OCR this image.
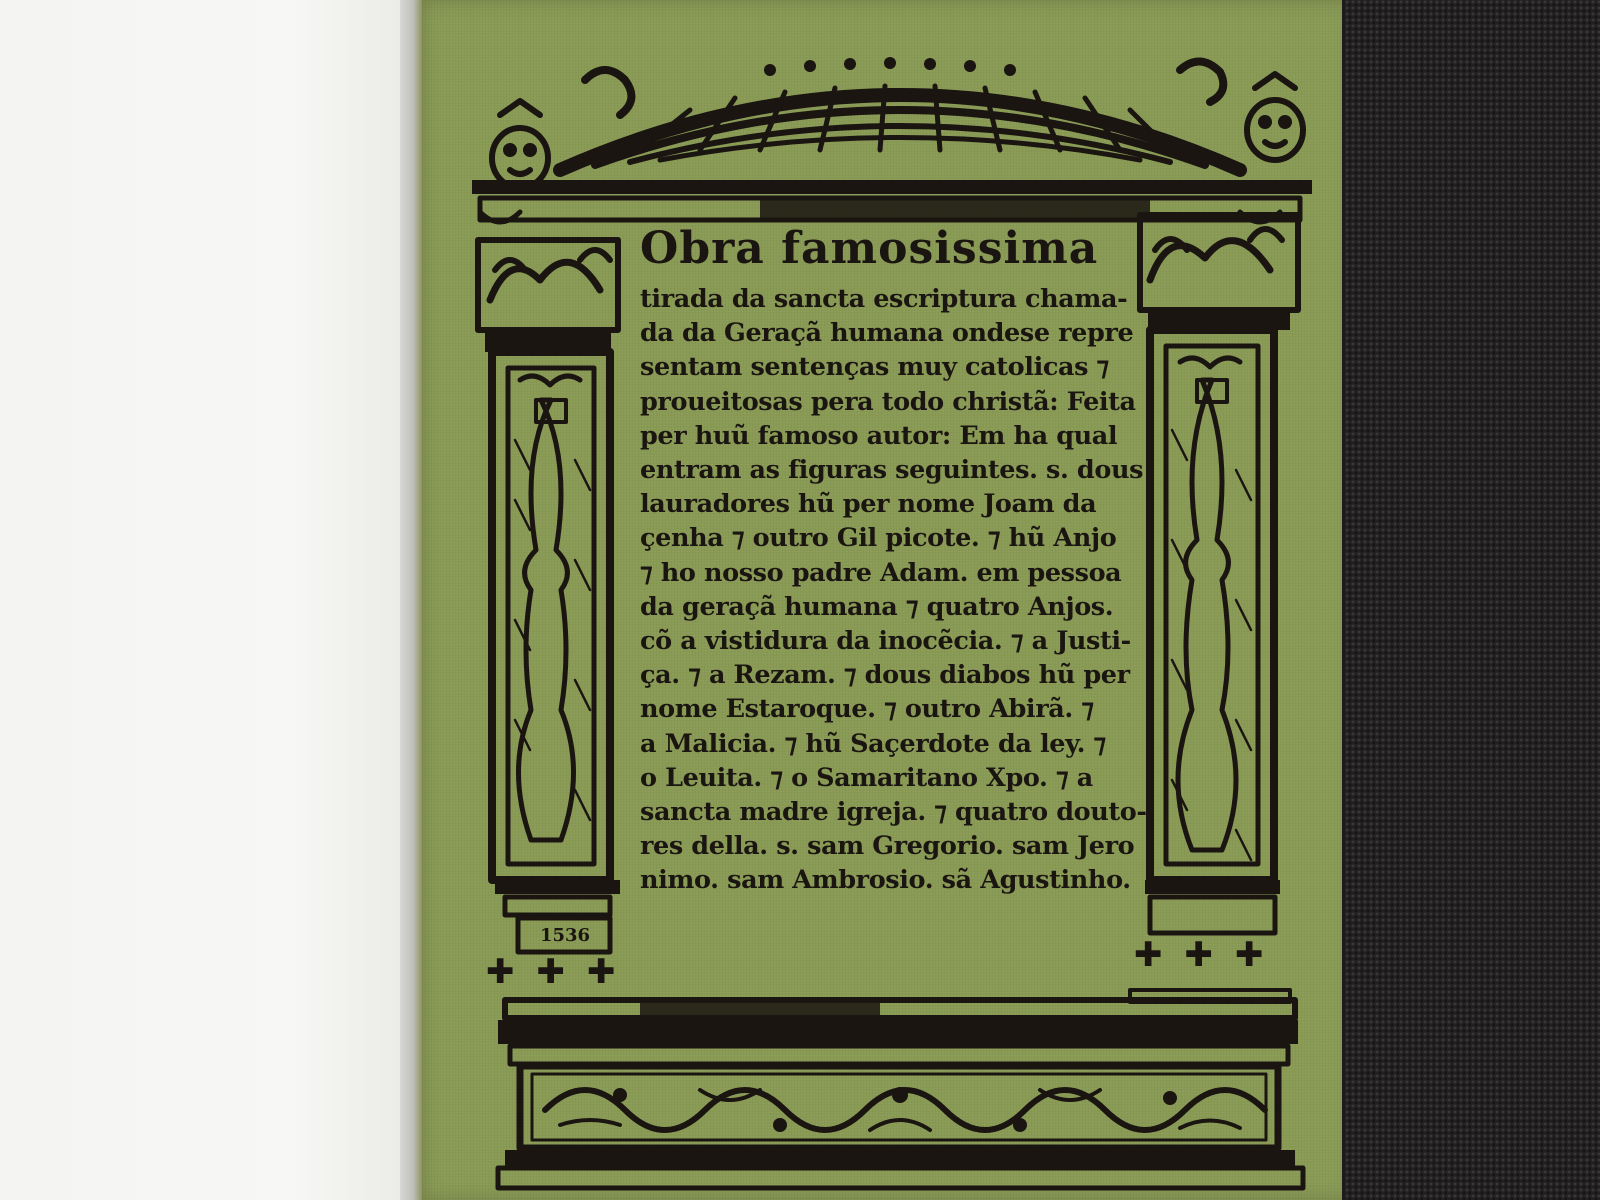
1536
✚✚✚	✚✚✚

Obra famosissima

tirada da sancta escriptura chama-

da da Geraçã humana ondese repre

sentam sentenças muy catolicas ⁊

proueitosas pera todo christã: Feita

per huũ famoso autor: Em ha qual

entram as figuras seguintes. s. dous

lauradores hũ per nome Joam da

çenha ⁊ outro Gil picote. ⁊ hũ Anjo

⁊ ho nosso padre Adam. em pessoa

da geraçã humana ⁊ quatro Anjos.

cõ a vistidura da inocẽcia. ⁊ a Justi-

ça. ⁊ a Rezam. ⁊ dous diabos hũ per

nome Estaroque. ⁊ outro Abirã. ⁊

a Malicia. ⁊ hũ Saçerdote da ley. ⁊

o Leuita. ⁊ o Samaritano Xpo. ⁊ a

sancta madre igreja. ⁊ quatro douto-

res della. s. sam Gregorio. sam Jero

nimo. sam Ambrosio. sã Agustinho.
